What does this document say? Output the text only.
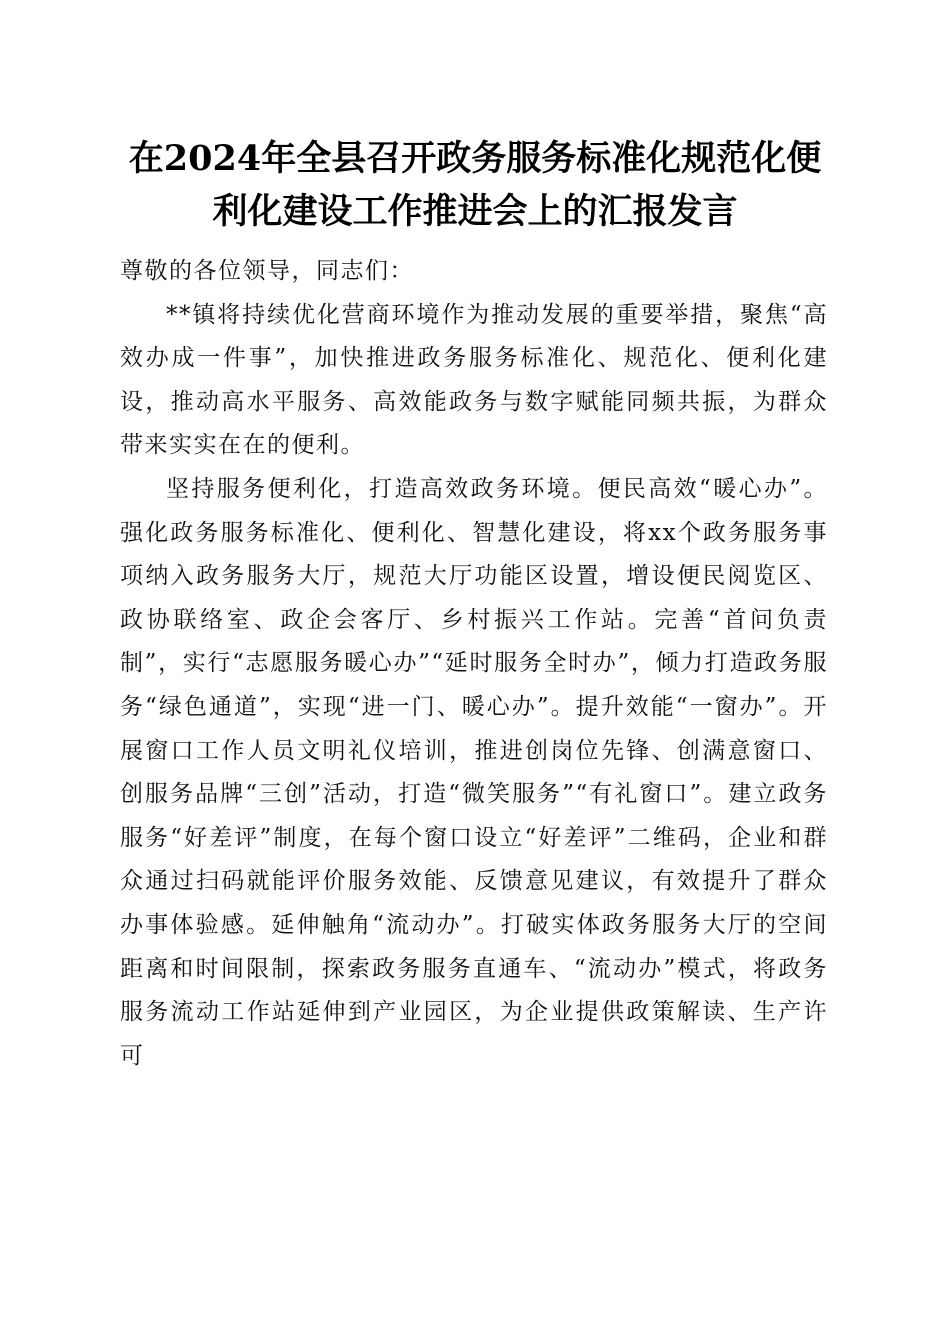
在2024年全县召开政务服务标准化规范化便
利化建设工作推进会上的汇报发言

尊敬的各位领导，同志们：

**镇将持续优化营商环境作为推动发展的重要举措，聚焦“高效办成一件事”，加快推进政务服务标准化、规范化、便利化建设，推动高水平服务、高效能政务与数字赋能同频共振，为群众带来实实在在的便利。

坚持服务便利化，打造高效政务环境。便民高效“暖心办”。强化政务服务标准化、便利化、智慧化建设，将xx个政务服务事项纳入政务服务大厅，规范大厅功能区设置，增设便民阅览区、政协联络室、政企会客厅、乡村振兴工作站。完善“首问负责制”，实行“志愿服务暖心办”“延时服务全时办”，倾力打造政务服务“绿色通道”，实现“进一门、暖心办”。提升效能“一窗办”。开展窗口工作人员文明礼仪培训，推进创岗位先锋、创满意窗口、创服务品牌“三创”活动，打造“微笑服务”“有礼窗口”。建立政务服务“好差评”制度，在每个窗口设立“好差评”二维码，企业和群众通过扫码就能评价服务效能、反馈意见建议，有效提升了群众办事体验感。延伸触角“流动办”。打破实体政务服务大厅的空间距离和时间限制，探索政务服务直通车、“流动办”模式，将政务服务流动工作站延伸到产业园区，为企业提供政策解读、生产许可
